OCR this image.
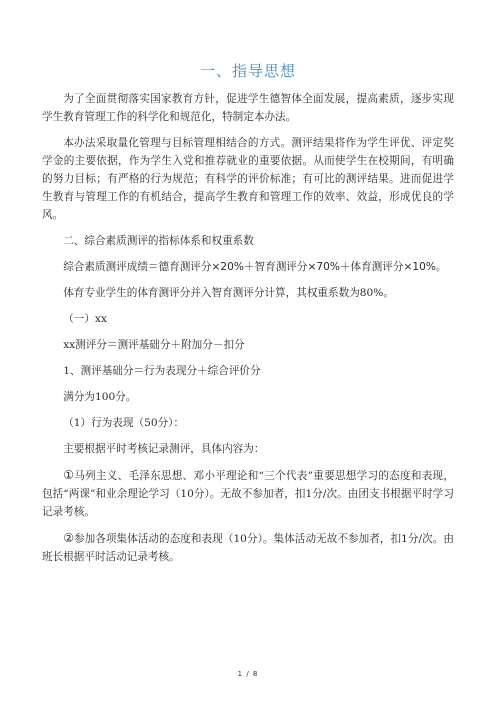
一、指导思想

为了全面贯彻落实国家教育方针，促进学生德智体全面发展，提高素质，逐步实现学生教育管理工作的科学化和规范化，特制定本办法。

本办法采取量化管理与目标管理相结合的方式。测评结果将作为学生评优、评定奖学金的主要依据，作为学生入党和推荐就业的重要依据。从而使学生在校期间，有明确的努力目标；有严格的行为规范；有科学的评价标准；有可比的测评结果。进而促进学生教育与管理工作的有机结合，提高学生教育和管理工作的效率、效益，形成优良的学风。

二、综合素质测评的指标体系和权重系数

综合素质测评成绩＝德育测评分×20%＋智育测评分×70%＋体育测评分×10%。

体育专业学生的体育测评分并入智育测评分计算，其权重系数为80%。

（一）xx

xx测评分＝测评基础分＋附加分－扣分

1、测评基础分＝行为表现分＋综合评价分

满分为100分。

（1）行为表现（50分）：

主要根据平时考核记录测评，具体内容为：

①马列主义、毛泽东思想、邓小平理论和“三个代表”重要思想学习的态度和表现，包括“两课”和业余理论学习（10分）。无故不参加者，扣1分/次。由团支书根据平时学习记录考核。

②参加各项集体活动的态度和表现（10分）。集体活动无故不参加者，扣1分/次。由班长根据平时活动记录考核。

1 / 8
